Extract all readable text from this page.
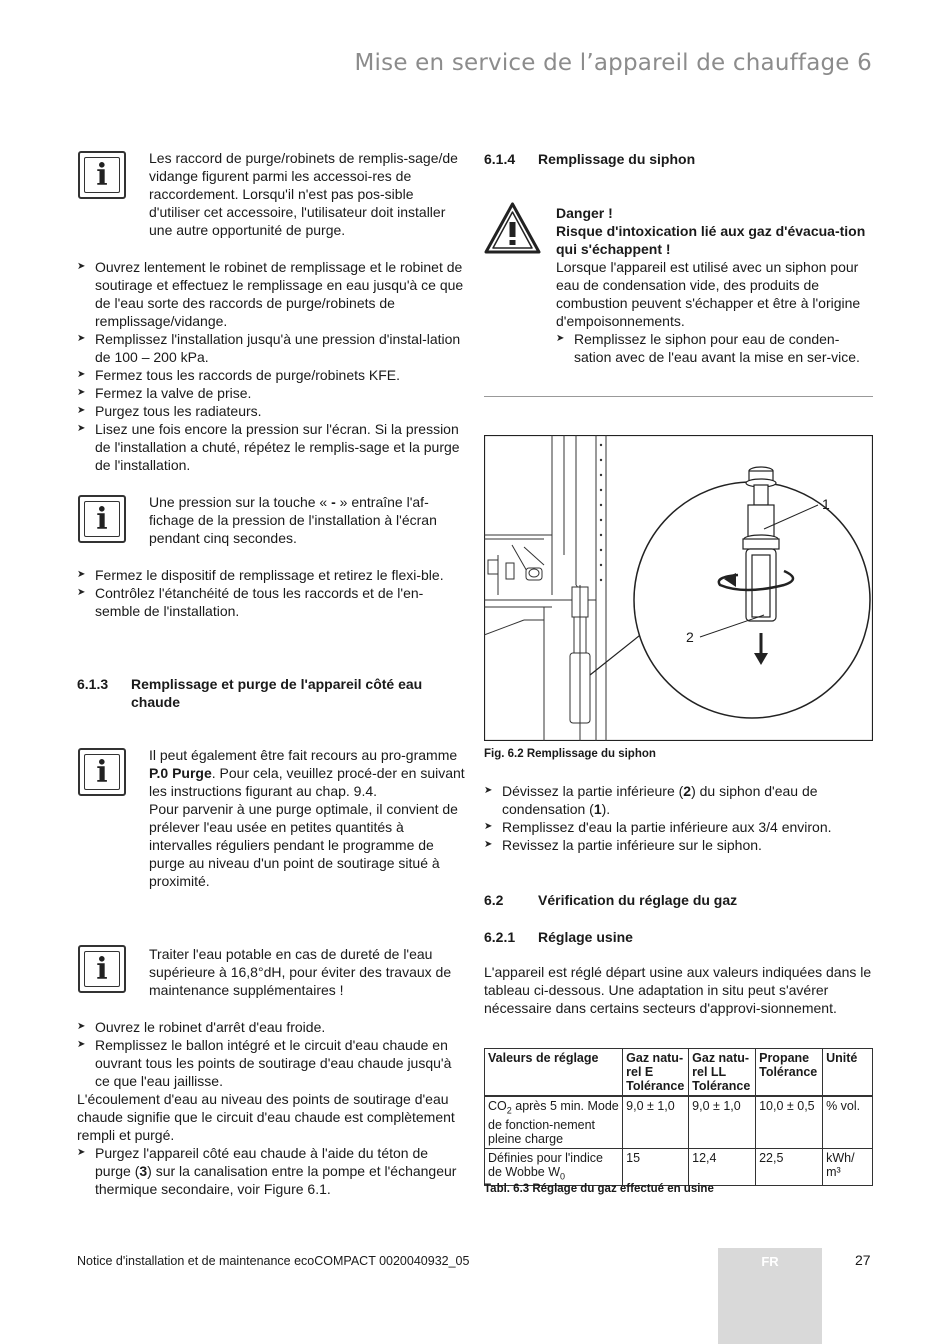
Mise en service de l’appareil de chauffage 6
i	Les raccord de purge/robinets de remplis-sage/de vidange figurent parmi les accessoi-res de raccordement. Lorsqu'il n'est pas pos-sible d'utiliser cet accessoire, l'utilisateur doit installer une autre opportunité de purge.
➤ Ouvrez lentement le robinet de remplissage et le robinet de soutirage et effectuez le remplissage en eau jusqu'à ce que de l'eau sorte des raccords de purge/robinets de remplissage/vidange.
➤ Remplissez l'installation jusqu'à une pression d'instal-lation de 100 – 200 kPa.
➤ Fermez tous les raccords de purge/robinets KFE.
➤ Fermez la valve de prise.
➤ Purgez tous les radiateurs.
➤ Lisez une fois encore la pression sur l'écran. Si la pression de l'installation a chuté, répétez le remplis-sage et la purge de l'installation.
i	Une pression sur la touche « - » entraîne l'af-fichage de la pression de l'installation à l'écran pendant cinq secondes.
➤ Fermez le dispositif de remplissage et retirez le flexi-ble.
➤ Contrôlez l'étanchéité de tous les raccords et de l'en-semble de l'installation.
6.1.3 Remplissage et purge de l'appareil côté eau chaude
i	Il peut également être fait recours au pro-gramme P.0 Purge. Pour cela, veuillez procé-der en suivant les instructions figurant au chap. 9.4.
Pour parvenir à une purge optimale, il convient de prélever l'eau usée en petites quantités à intervalles réguliers pendant le programme de purge au niveau d'un point de soutirage situé à proximité.
i	Traiter l'eau potable en cas de dureté de l'eau supérieure à 16,8°dH, pour éviter des travaux de maintenance supplémentaires !
➤ Ouvrez le robinet d'arrêt d'eau froide.
➤ Remplissez le ballon intégré et le circuit d'eau chaude en ouvrant tous les points de soutirage d'eau chaude jusqu'à ce que l'eau jaillisse.
L'écoulement d'eau au niveau des points de soutirage d'eau chaude signifie que le circuit d'eau chaude est complètement rempli et purgé.
➤ Purgez l'appareil côté eau chaude à l'aide du téton de purge (3) sur la canalisation entre la pompe et l'échangeur thermique secondaire, voir Figure 6.1.
6.1.4 Remplissage du siphon
Danger !
Risque d'intoxication lié aux gaz d'évacua-tion qui s'échappent !
Lorsque l'appareil est utilisé avec un siphon pour eau de condensation vide, des produits de combustion peuvent s'échapper et être à l'origine d'empoisonnements.
➤ Remplissez le siphon pour eau de conden-sation avec de l'eau avant la mise en ser-vice.
1
2
Fig. 6.2 Remplissage du siphon
➤ Dévissez la partie inférieure (2) du siphon d'eau de condensation (1).
➤ Remplissez d'eau la partie inférieure aux 3/4 environ.
➤ Revissez la partie inférieure sur le siphon.
6.2 Vérification du réglage du gaz
6.2.1 Réglage usine
L'appareil est réglé départ usine aux valeurs indiquées dans le tableau ci-dessous. Une adaptation in situ peut s'avérer nécessaire dans certains secteurs d'approvi-sionnement.
Valeurs de réglage	Gaz natu-rel E Tolérance	Gaz natu-rel LL Tolérance	Propane Tolérance	Unité
$CO_2$ après 5 min. Mode de fonction-nement pleine charge	9,0 ± 1,0	9,0 ± 1,0	10,0 ± 0,5	% vol.
Définies pour l'indice de Wobbe $W_0$	15	12,4	22,5	kWh/ m³
Tabl. 6.3 Réglage du gaz effectué en usine
Notice d'installation et de maintenance ecoCOMPACT 0020040932_05	FR	27
